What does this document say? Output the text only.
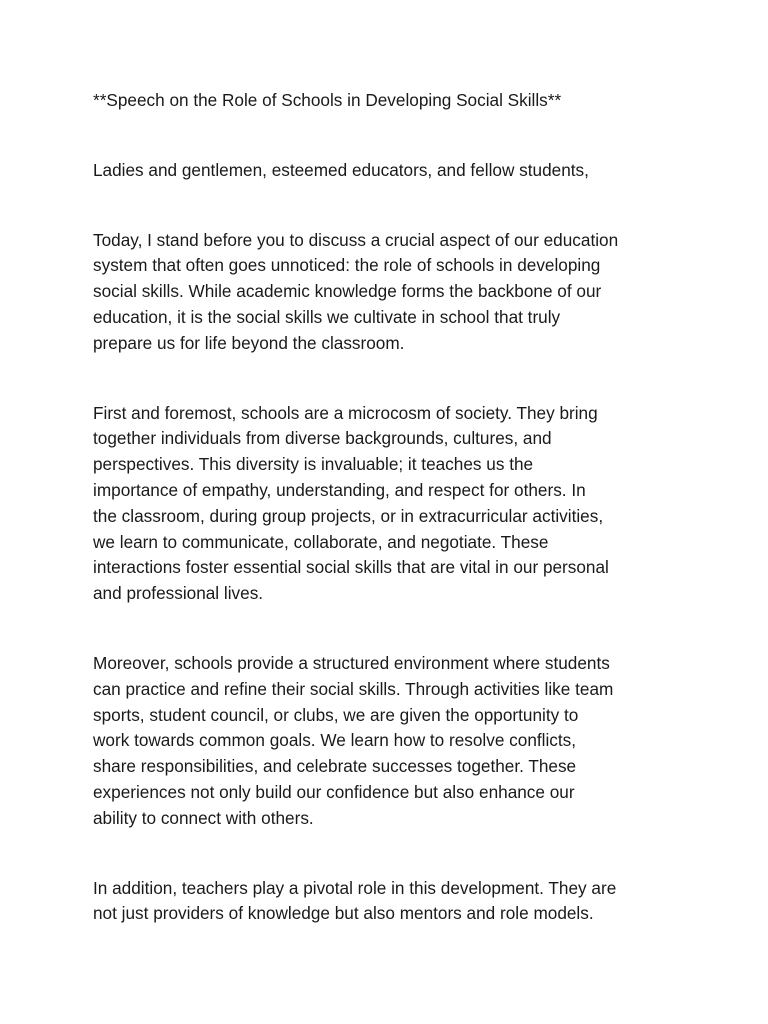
**Speech on the Role of Schools in Developing Social Skills**

Ladies and gentlemen, esteemed educators, and fellow students,

Today, I stand before you to discuss a crucial aspect of our education
system that often goes unnoticed: the role of schools in developing
social skills. While academic knowledge forms the backbone of our
education, it is the social skills we cultivate in school that truly
prepare us for life beyond the classroom.

First and foremost, schools are a microcosm of society. They bring
together individuals from diverse backgrounds, cultures, and
perspectives. This diversity is invaluable; it teaches us the
importance of empathy, understanding, and respect for others. In
the classroom, during group projects, or in extracurricular activities,
we learn to communicate, collaborate, and negotiate. These
interactions foster essential social skills that are vital in our personal
and professional lives.

Moreover, schools provide a structured environment where students
can practice and refine their social skills. Through activities like team
sports, student council, or clubs, we are given the opportunity to
work towards common goals. We learn how to resolve conflicts,
share responsibilities, and celebrate successes together. These
experiences not only build our confidence but also enhance our
ability to connect with others.

In addition, teachers play a pivotal role in this development. They are
not just providers of knowledge but also mentors and role models.
